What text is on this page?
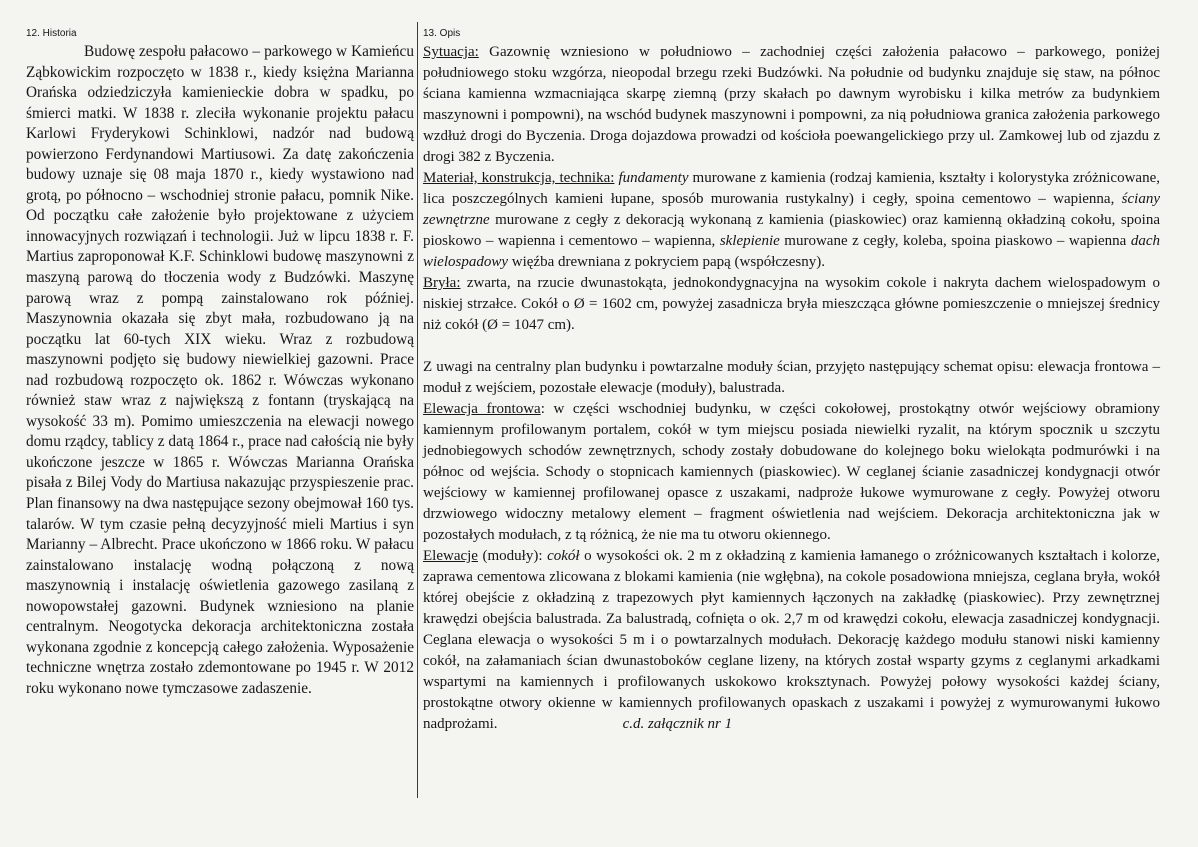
12. Historia

Budowę zespołu pałacowo – parkowego w Kamieńcu Ząbkowickim rozpoczęto w 1838 r., kiedy księżna Marianna Orańska odziedziczyła kamienieckie dobra w spadku, po śmierci matki. W 1838 r. zleciła wykonanie projektu pałacu Karlowi Fryderykowi Schinklowi, nadzór nad budową powierzono Ferdynandowi Martiusowi. Za datę zakończenia budowy uznaje się 08 maja 1870 r., kiedy wystawiono nad grotą, po północno – wschodniej stronie pałacu, pomnik Nike. Od początku całe założenie było projektowane z użyciem innowacyjnych rozwiązań i technologii. Już w lipcu 1838 r. F. Martius zaproponował K.F. Schinklowi budowę maszynowni z maszyną parową do tłoczenia wody z Budzówki. Maszynę parową wraz z pompą zainstalowano rok później. Maszynownia okazała się zbyt mała, rozbudowano ją na początku lat 60-tych XIX wieku. Wraz z rozbudową maszynowni podjęto się budowy niewielkiej gazowni. Prace nad rozbudową rozpoczęto ok. 1862 r. Wówczas wykonano również staw wraz z największą z fontann (tryskającą na wysokość 33 m). Pomimo umieszczenia na elewacji nowego domu rządcy, tablicy z datą 1864 r., prace nad całością nie były ukończone jeszcze w 1865 r. Wówczas Marianna Orańska pisała z Bilej Vody do Martiusa nakazując przyspieszenie prac. Plan finansowy na dwa następujące sezony obejmował 160 tys. talarów. W tym czasie pełną decyzyjność mieli Martius i syn Marianny – Albrecht. Prace ukończono w 1866 roku. W pałacu zainstalowano instalację wodną połączoną z nową maszynownią i instalację oświetlenia gazowego zasilaną z nowopowstałej gazowni. Budynek wzniesiono na planie centralnym. Neogotycka dekoracja architektoniczna została wykonana zgodnie z koncepcją całego założenia. Wyposażenie techniczne wnętrza zostało zdemontowane po 1945 r. W 2012 roku wykonano nowe tymczasowe zadaszenie.

13. Opis

Sytuacja: Gazownię wzniesiono w południowo – zachodniej części założenia pałacowo – parkowego, poniżej południowego stoku wzgórza, nieopodal brzegu rzeki Budzówki. Na południe od budynku znajduje się staw, na północ ściana kamienna wzmacniająca skarpę ziemną (przy skałach po dawnym wyrobisku i kilka metrów za budynkiem maszynowni i pompowni), na wschód budynek maszynowni i pompowni, za nią południowa granica założenia parkowego wzdłuż drogi do Byczenia. Droga dojazdowa prowadzi od kościoła poewangelickiego przy ul. Zamkowej lub od zjazdu z drogi 382 z Byczenia.

Materiał, konstrukcja, technika: fundamenty murowane z kamienia (rodzaj kamienia, kształty i kolorystyka zróżnicowane, lica poszczególnych kamieni łupane, sposób murowania rustykalny) i cegły, spoina cementowo – wapienna, ściany zewnętrzne murowane z cegły z dekoracją wykonaną z kamienia (piaskowiec) oraz kamienną okładziną cokołu, spoina pioskowo – wapienna i cementowo – wapienna, sklepienie murowane z cegły, koleba, spoina piaskowo – wapienna dach wielospadowy więźba drewniana z pokryciem papą (współczesny).

Bryła: zwarta, na rzucie dwunastokąta, jednokondygnacyjna na wysokim cokole i nakryta dachem wielospadowym o niskiej strzałce. Cokół o Ø = 1602 cm, powyżej zasadnicza bryła mieszcząca główne pomieszczenie o mniejszej średnicy niż cokół (Ø = 1047 cm).

Z uwagi na centralny plan budynku i powtarzalne moduły ścian, przyjęto następujący schemat opisu: elewacja frontowa – moduł z wejściem, pozostałe elewacje (moduły), balustrada.

Elewacja frontowa: w części wschodniej budynku, w części cokołowej, prostokątny otwór wejściowy obramiony kamiennym profilowanym portalem, cokół w tym miejscu posiada niewielki ryzalit, na którym spocznik u szczytu jednobiegowych schodów zewnętrznych, schody zostały dobudowane do kolejnego boku wielokąta podmurówki i na północ od wejścia. Schody o stopnicach kamiennych (piaskowiec). W ceglanej ścianie zasadniczej kondygnacji otwór wejściowy w kamiennej profilowanej opasce z uszakami, nadproże łukowe wymurowane z cegły. Powyżej otworu drzwiowego widoczny metalowy element – fragment oświetlenia nad wejściem. Dekoracja architektoniczna jak w pozostałych modułach, z tą różnicą, że nie ma tu otworu okiennego.

Elewacje (moduły): cokół o wysokości ok. 2 m z okładziną z kamienia łamanego o zróżnicowanych kształtach i kolorze, zaprawa cementowa zlicowana z blokami kamienia (nie wgłębna), na cokole posadowiona mniejsza, ceglana bryła, wokół której obejście z okładziną z trapezowych płyt kamiennych łączonych na zakładkę (piaskowiec). Przy zewnętrznej krawędzi obejścia balustrada. Za balustradą, cofnięta o ok. 2,7 m od krawędzi cokołu, elewacja zasadniczej kondygnacji. Ceglana elewacja o wysokości 5 m i o powtarzalnych modułach. Dekorację każdego modułu stanowi niski kamienny cokół, na załamaniach ścian dwunastoboków ceglane lizeny, na których został wsparty gzyms z ceglanymi arkadkami wspartymi na kamiennych i profilowanych uskokowo kroksztynach. Powyżej połowy wysokości każdej ściany, prostokątne otwory okienne w kamiennych profilowanych opaskach z uszakami i powyżej z wymurowanymi łukowo nadprożami.	c.d. załącznik nr 1
